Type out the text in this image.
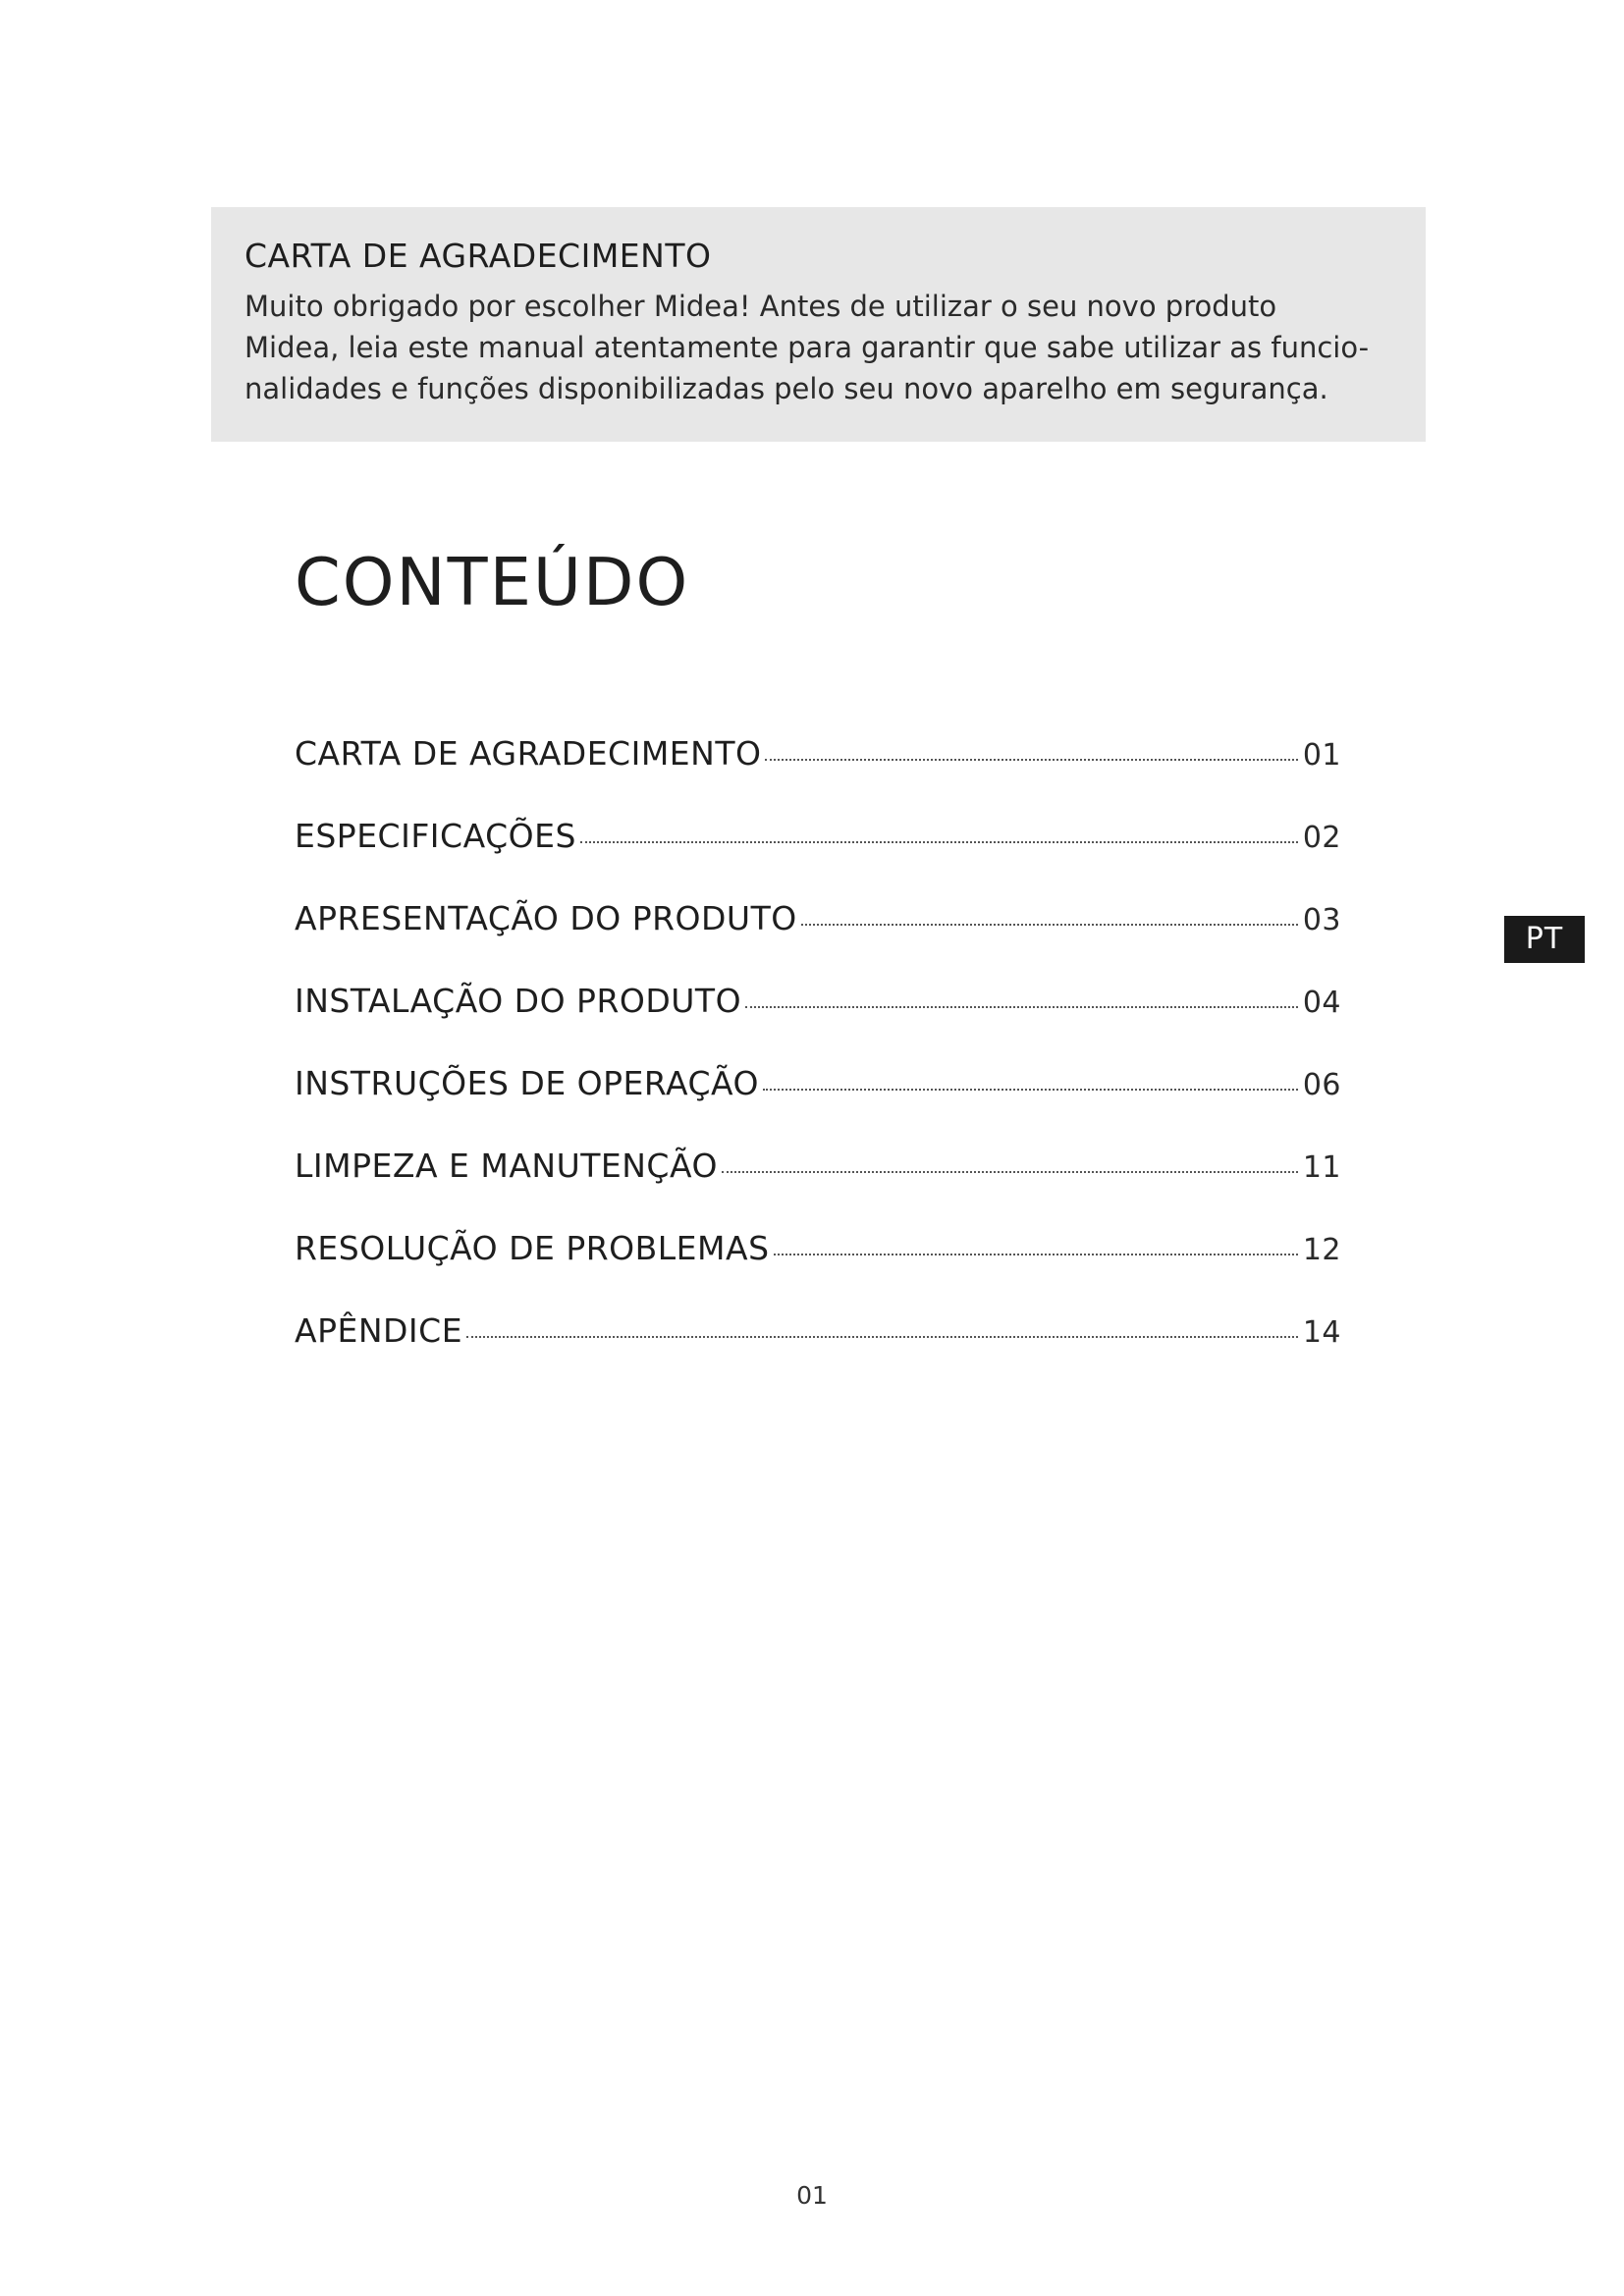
CARTA DE AGRADECIMENTO

Muito obrigado por escolher Midea! Antes de utilizar o seu novo produto
Midea, leia este manual atentamente para garantir que sabe utilizar as funcio-
nalidades e funções disponibilizadas pelo seu novo aparelho em segurança.

CONTEÚDO
CARTA DE AGRADECIMENTO	01
ESPECIFICAÇÕES	02
APRESENTAÇÃO DO PRODUTO	03
INSTALAÇÃO DO PRODUTO	04
INSTRUÇÕES DE OPERAÇÃO	06
LIMPEZA E MANUTENÇÃO	11
RESOLUÇÃO DE PROBLEMAS	12
APÊNDICE	14
PT
01
